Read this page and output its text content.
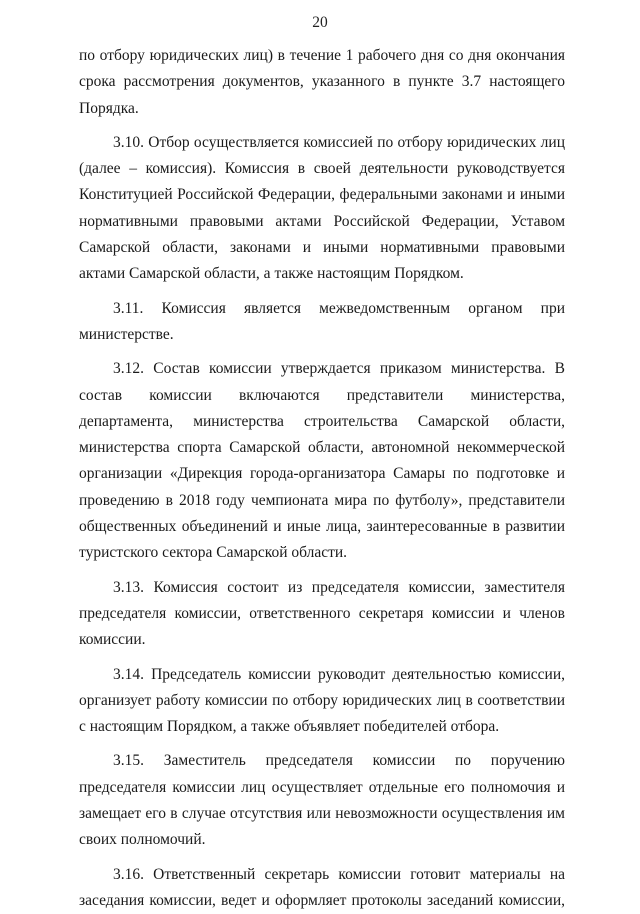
20

по отбору юридических лиц) в течение 1 рабочего дня со дня окончания срока рассмотрения документов, указанного в пункте 3.7 настоящего Порядка.

3.10. Отбор осуществляется комиссией по отбору юридических лиц (далее – комиссия). Комиссия в своей деятельности руководствуется Конституцией Российской Федерации, федеральными законами и иными нормативными правовыми актами Российской Федерации, Уставом Самарской области, законами и иными нормативными правовыми актами Самарской области, а также настоящим Порядком.

3.11. Комиссия является межведомственным органом при министерстве.

3.12. Состав комиссии утверждается приказом министерства. В состав комиссии включаются представители министерства, департамента, министерства строительства Самарской области, министерства спорта Самарской области, автономной некоммерческой организации «Дирекция города-организатора Самары по подготовке и проведению в 2018 году чемпионата мира по футболу», представители общественных объединений и иные лица, заинтересованные в развитии туристского сектора Самарской области.

3.13. Комиссия состоит из председателя комиссии, заместителя председателя комиссии, ответственного секретаря комиссии и членов комиссии.

3.14. Председатель комиссии руководит деятельностью комиссии, организует работу комиссии по отбору юридических лиц в соответствии с настоящим Порядком, а также объявляет победителей отбора.

3.15. Заместитель председателя комиссии по поручению председателя комиссии лиц осуществляет отдельные его полномочия и замещает его в случае отсутствия или невозможности осуществления им своих полномочий.

3.16. Ответственный секретарь комиссии готовит материалы на заседания комиссии, ведет и оформляет протоколы заседаний комиссии,
